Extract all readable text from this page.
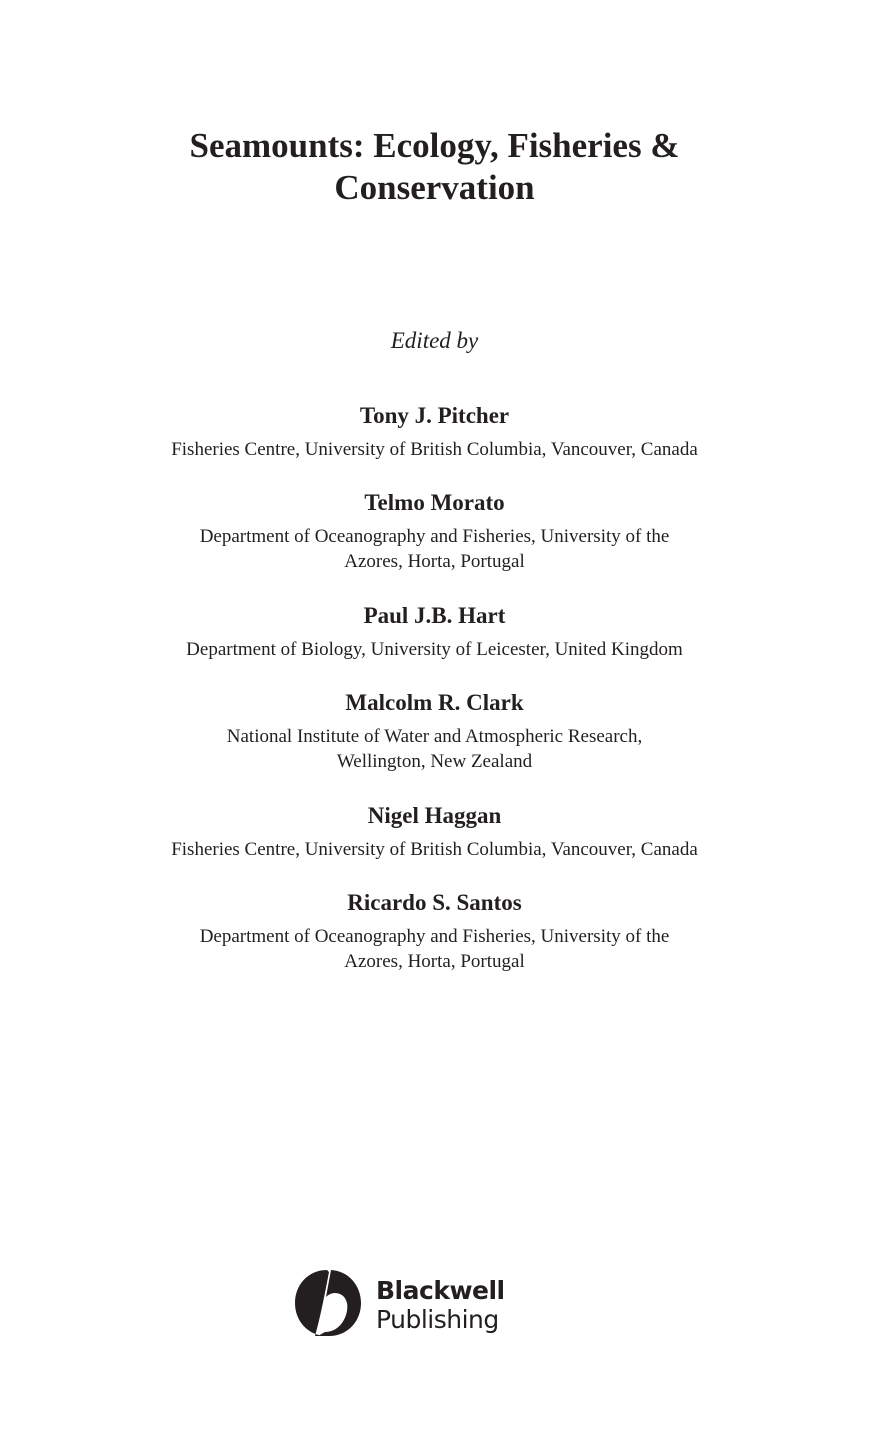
Seamounts: Ecology, Fisheries &
Conservation
Edited by
Tony J. Pitcher
Fisheries Centre, University of British Columbia, Vancouver, Canada
Telmo Morato
Department of Oceanography and Fisheries, University of the
Azores, Horta, Portugal
Paul J.B. Hart
Department of Biology, University of Leicester, United Kingdom
Malcolm R. Clark
National Institute of Water and Atmospheric Research,
Wellington, New Zealand
Nigel Haggan
Fisheries Centre, University of British Columbia, Vancouver, Canada
Ricardo S. Santos
Department of Oceanography and Fisheries, University of the
Azores, Horta, Portugal
Blackwell
Publishing
